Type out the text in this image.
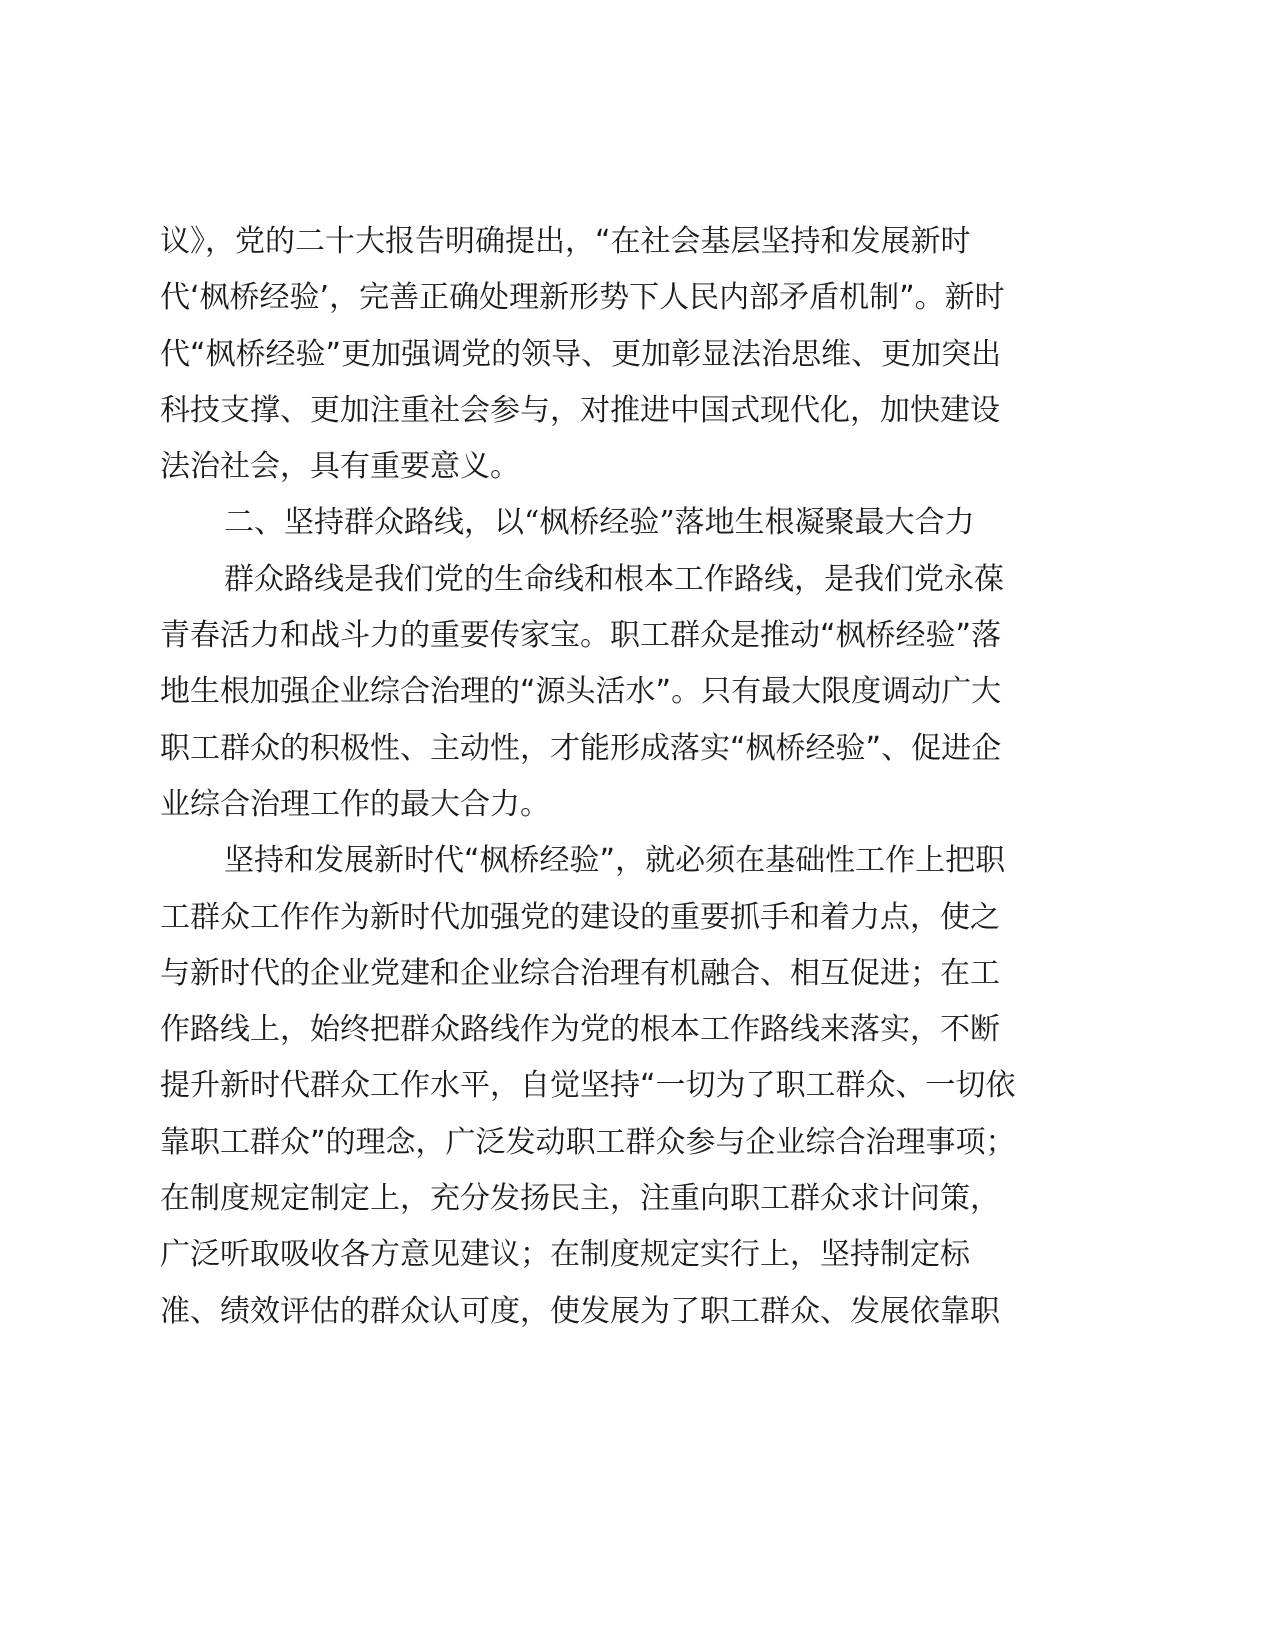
议》，党的二十大报告明确提出，“在社会基层坚持和发展新时
代‘枫桥经验’，完善正确处理新形势下人民内部矛盾机制”。新时
代“枫桥经验”更加强调党的领导、更加彰显法治思维、更加突出
科技支撑、更加注重社会参与，对推进中国式现代化，加快建设
法治社会，具有重要意义。
二、坚持群众路线，以“枫桥经验”落地生根凝聚最大合力
群众路线是我们党的生命线和根本工作路线，是我们党永葆
青春活力和战斗力的重要传家宝。职工群众是推动“枫桥经验”落
地生根加强企业综合治理的“源头活水”。只有最大限度调动广大
职工群众的积极性、主动性，才能形成落实“枫桥经验”、促进企
业综合治理工作的最大合力。
坚持和发展新时代“枫桥经验”，就必须在基础性工作上把职
工群众工作作为新时代加强党的建设的重要抓手和着力点，使之
与新时代的企业党建和企业综合治理有机融合、相互促进；在工
作路线上，始终把群众路线作为党的根本工作路线来落实，不断
提升新时代群众工作水平，自觉坚持“一切为了职工群众、一切依
靠职工群众”的理念，广泛发动职工群众参与企业综合治理事项；
在制度规定制定上，充分发扬民主，注重向职工群众求计问策，
广泛听取吸收各方意见建议；在制度规定实行上，坚持制定标
准、绩效评估的群众认可度，使发展为了职工群众、发展依靠职
